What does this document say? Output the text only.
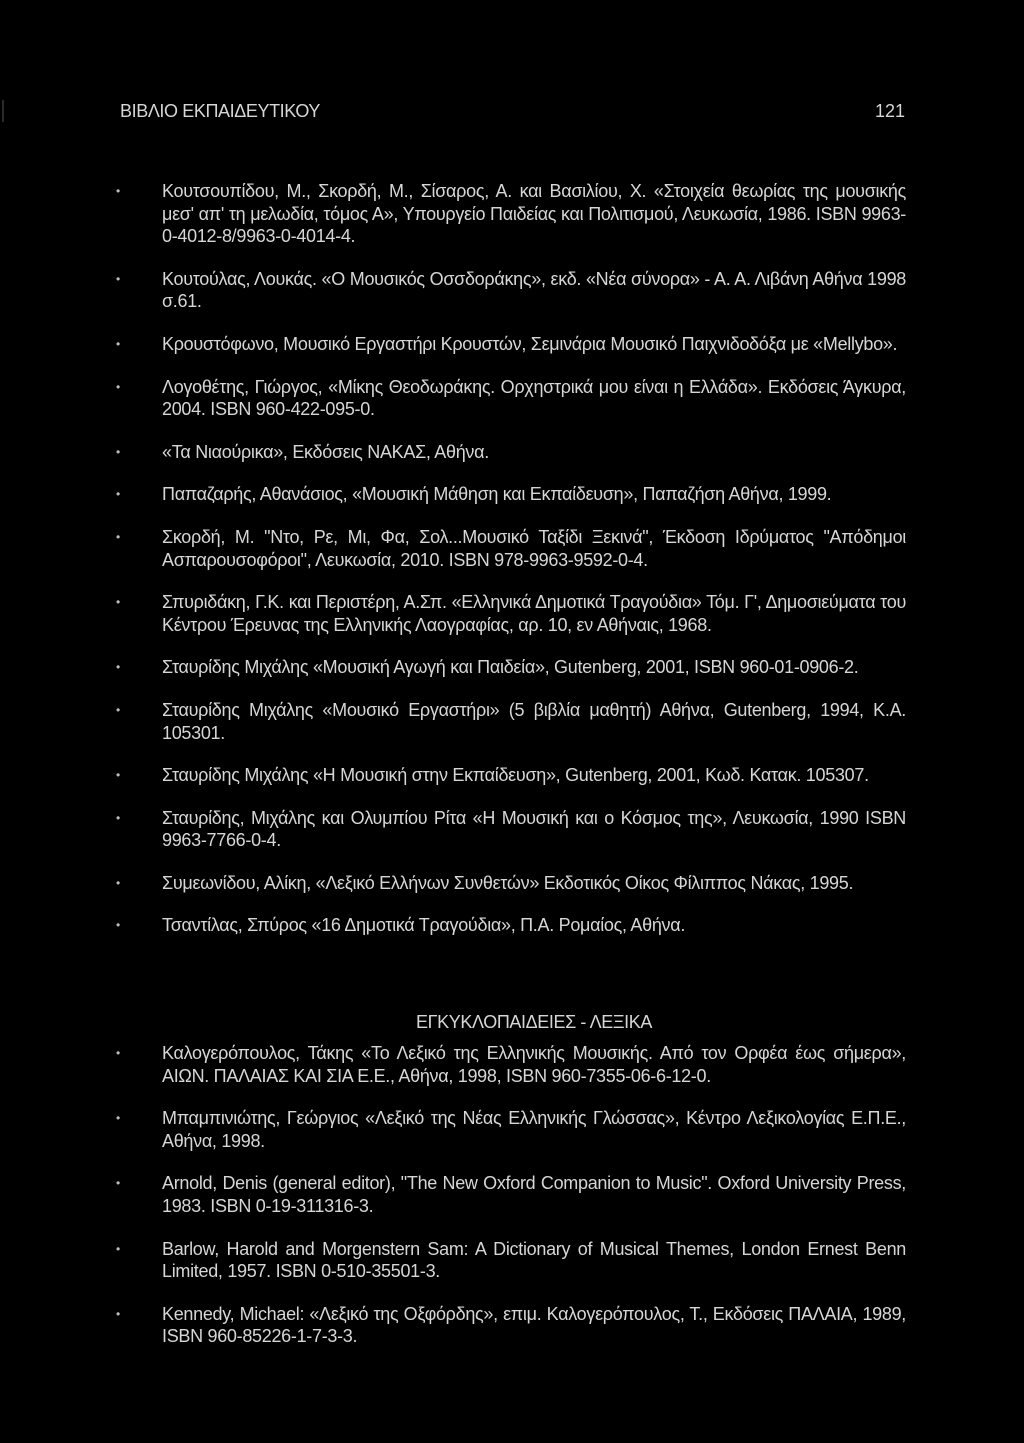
ΒΙΒΛΙΟ ΕΚΠΑΙΔΕΥΤΙΚΟΥ	121
• Κουτσουπίδου, Μ., Σκορδή, Μ., Σίσαρος, Α. και Βασιλίου, Χ. «Στοιχεία θεωρίας της μουσικής μεσ' απ' τη μελωδία, τόμος Α», Υπουργείο Παιδείας και Πολιτισμού, Λευκωσία, 1986. ISBN 9963-0-4012-8/9963-0-4014-4.
• Κουτούλας, Λουκάς. «Ο Μουσικός Οσσδοράκης», εκδ. «Νέα σύνορα» - Α. Α. Λιβάνη Αθήνα 1998 σ.61.
• Κρουστόφωνο, Μουσικό Εργαστήρι Κρουστών, Σεμινάρια Μουσικό Παιχνιδοδόξα με «Mellybo».
• Λογοθέτης, Γιώργος, «Μίκης Θεοδωράκης. Ορχηστρικά μου είναι η Ελλάδα». Εκδόσεις Άγκυρα, 2004. ISBN 960-422-095-0.
• «Τα Νιαούρικα», Εκδόσεις ΝΑΚΑΣ, Αθήνα.
• Παπαζαρής, Αθανάσιος, «Μουσική Μάθηση και Εκπαίδευση», Παπαζήση Αθήνα, 1999.
• Σκορδή, Μ. "Ντο, Ρε, Μι, Φα, Σολ...Μουσικό Ταξίδι Ξεκινά", Έκδοση Ιδρύματος "Απόδημοι Ασπαρουσοφόροι", Λευκωσία, 2010. ISBN 978-9963-9592-0-4.
• Σπυριδάκη, Γ.Κ. και Περιστέρη, Α.Σπ. «Ελληνικά Δημοτικά Τραγούδια» Τόμ. Γ', Δημοσιεύματα του Κέντρου Έρευνας της Ελληνικής Λαογραφίας, αρ. 10, εν Αθήναις, 1968.
• Σταυρίδης Μιχάλης «Μουσική Αγωγή και Παιδεία», Gutenberg, 2001, ISBN 960-01-0906-2.
• Σταυρίδης Μιχάλης «Μουσικό Εργαστήρι» (5 βιβλία μαθητή) Αθήνα, Gutenberg, 1994, Κ.Α. 105301.
• Σταυρίδης Μιχάλης «Η Μουσική στην Εκπαίδευση», Gutenberg, 2001, Κωδ. Κατακ. 105307.
• Σταυρίδης, Μιχάλης και Ολυμπίου Ρίτα «Η Μουσική και ο Κόσμος της», Λευκωσία, 1990 ISBN 9963-7766-0-4.
• Συμεωνίδου, Αλίκη, «Λεξικό Ελλήνων Συνθετών» Εκδοτικός Οίκος Φίλιππος Νάκας, 1995.
• Τσαντίλας, Σπύρος «16 Δημοτικά Τραγούδια», Π.Α. Ρομαίος, Αθήνα.
ΕΓΚΥΚΛΟΠΑΙΔΕΙΕΣ - ΛΕΞΙΚΑ
• Καλογερόπουλος, Τάκης «Το Λεξικό της Ελληνικής Μουσικής. Από τον Ορφέα έως σήμερα», ΑΙΩΝ. ΠΑΛΑΙΑΣ ΚΑΙ ΣΙΑ Ε.Ε., Αθήνα, 1998, ISBN 960-7355-06-6-12-0.
• Μπαμπινιώτης, Γεώργιος «Λεξικό της Νέας Ελληνικής Γλώσσας», Κέντρο Λεξικολογίας Ε.Π.Ε., Αθήνα, 1998.
• Arnold, Denis (general editor), "The New Oxford Companion to Music". Oxford University Press, 1983. ISBN 0-19-311316-3.
• Barlow, Harold and Morgenstern Sam: A Dictionary of Musical Themes, London Ernest Benn Limited, 1957. ISBN 0-510-35501-3.
• Kennedy, Michael: «Λεξικό της Οξφόρδης», επιμ. Καλογερόπουλος, Τ., Εκδόσεις ΠΑΛΑΙΑ, 1989, ISBN 960-85226-1-7-3-3.
